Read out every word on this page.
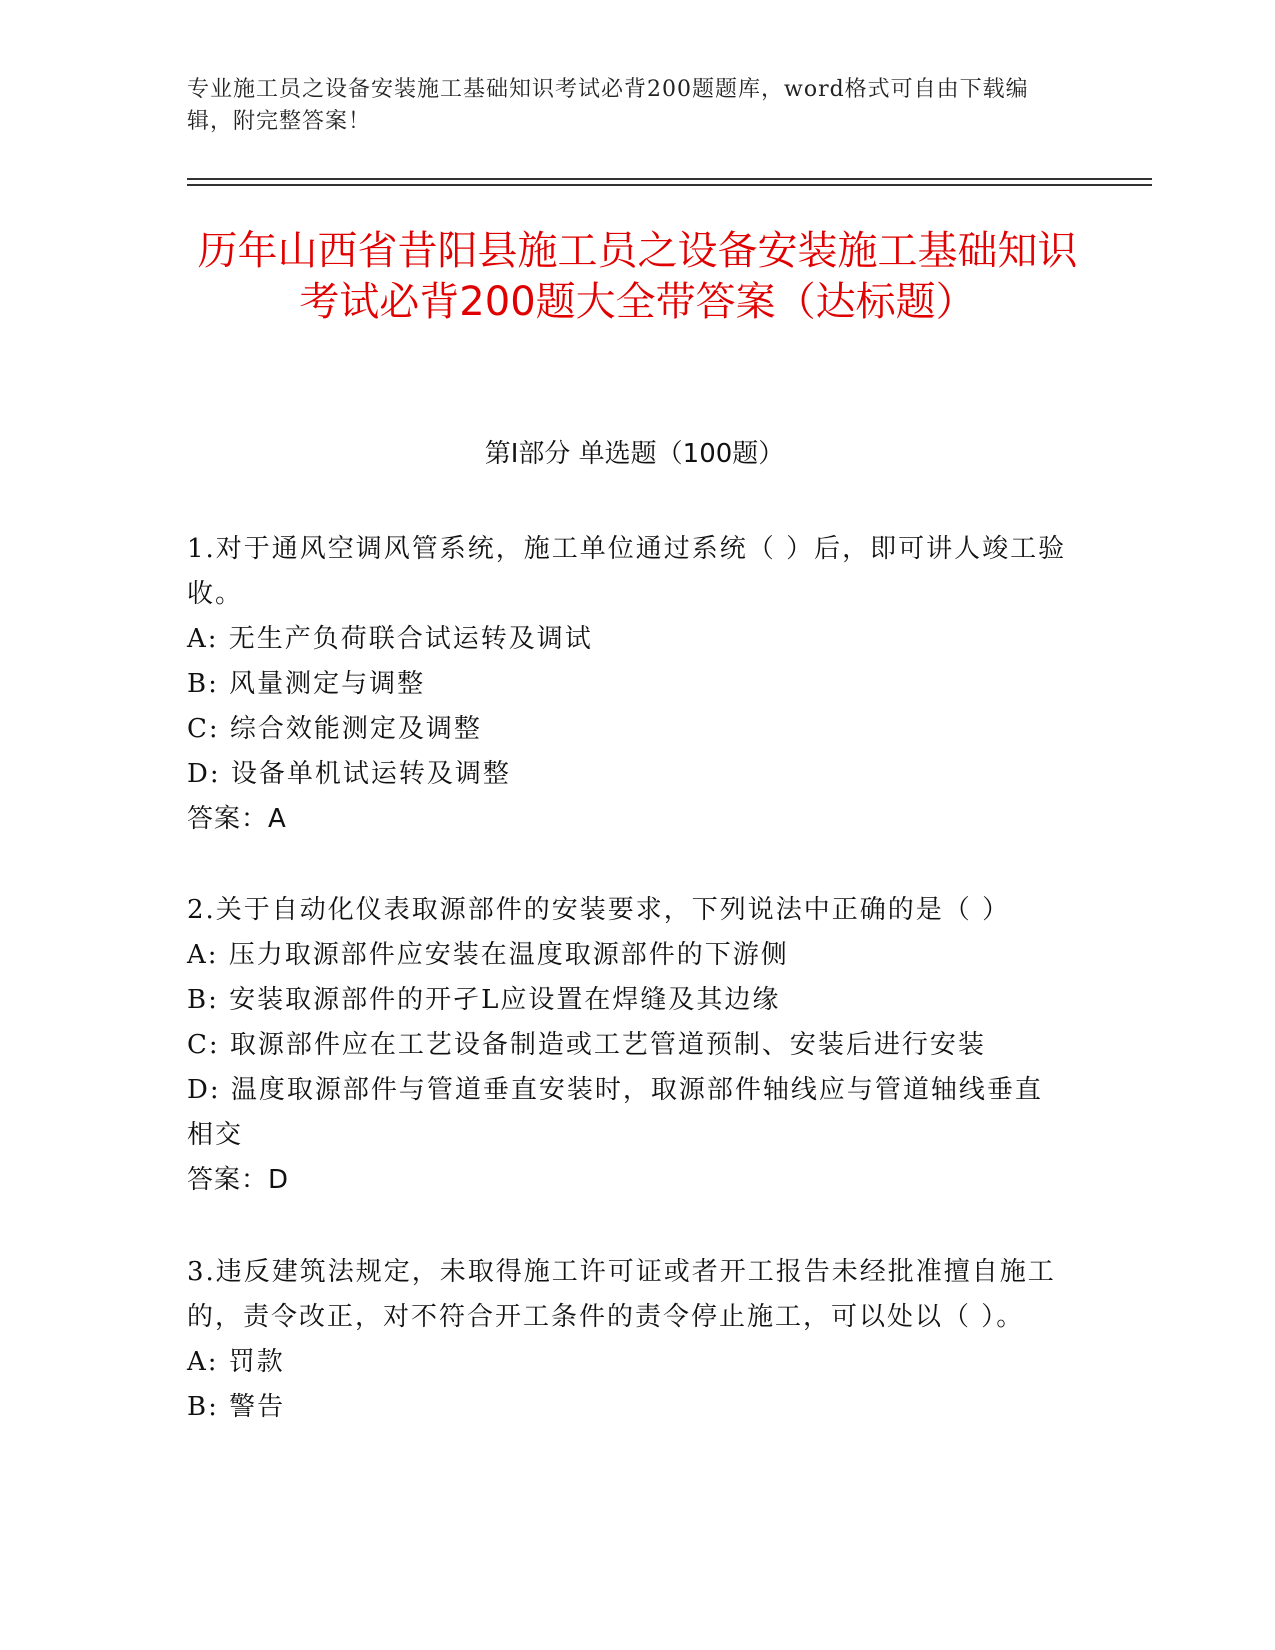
专业施工员之设备安装施工基础知识考试必背200题题库，word格式可自由下载编辑，附完整答案！
历年山西省昔阳县施工员之设备安装施工基础知识考试必背200题大全带答案（达标题）
第Ⅰ部分 单选题（100题）

1.对于通风空调风管系统，施工单位通过系统（ ）后，即可讲人竣工验收。

A: 无生产负荷联合试运转及调试

B: 风量测定与调整

C: 综合效能测定及调整

D: 设备单机试运转及调整

答案：A

2.关于自动化仪表取源部件的安装要求，下列说法中正确的是（ ）

A: 压力取源部件应安装在温度取源部件的下游侧

B: 安装取源部件的开孑L应设置在焊缝及其边缘

C: 取源部件应在工艺设备制造或工艺管道预制、安装后进行安装

D: 温度取源部件与管道垂直安装时，取源部件轴线应与管道轴线垂直相交

答案：D

3.违反建筑法规定，未取得施工许可证或者开工报告未经批准擅自施工的，责令改正，对不符合开工条件的责令停止施工，可以处以（ ）。

A: 罚款

B: 警告
